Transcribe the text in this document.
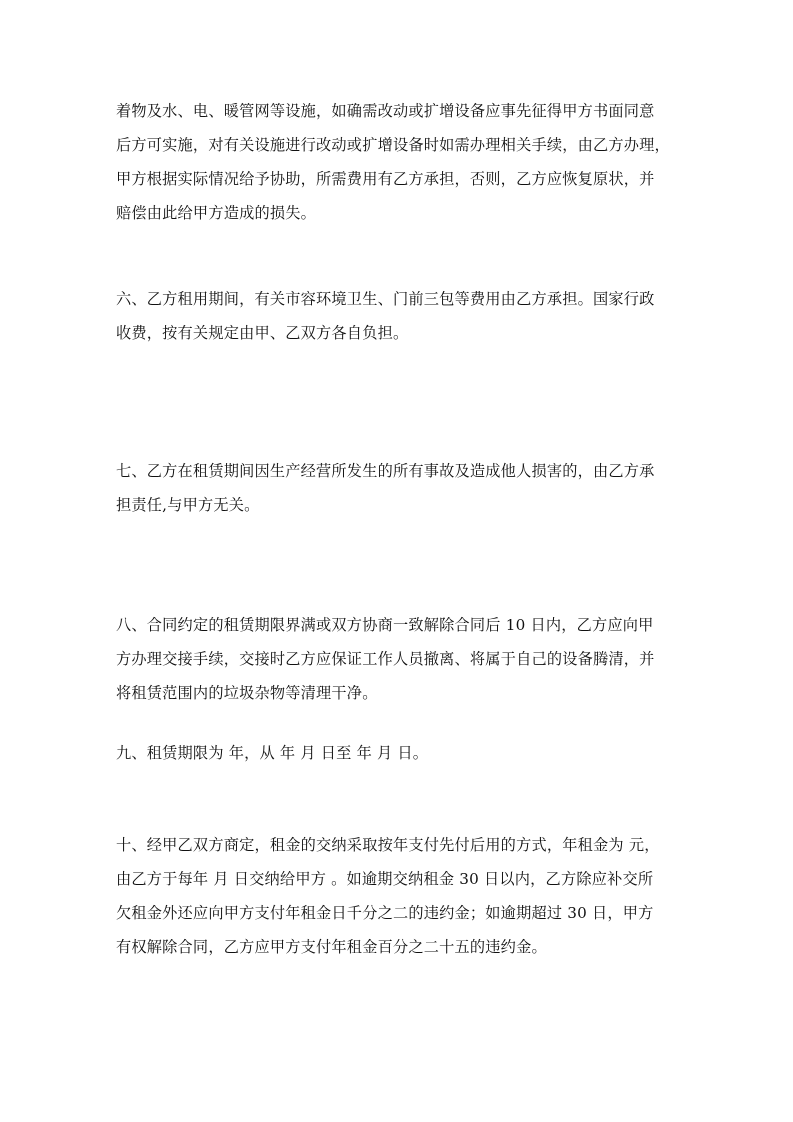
着物及水、电、暖管网等设施，如确需改动或扩增设备应事先征得甲方书面同意
后方可实施，对有关设施进行改动或扩增设备时如需办理相关手续，由乙方办理，
甲方根据实际情况给予协助，所需费用有乙方承担，否则，乙方应恢复原状，并
赔偿由此给甲方造成的损失。
六、乙方租用期间，有关市容环境卫生、门前三包等费用由乙方承担。国家行政
收费，按有关规定由甲、乙双方各自负担。
七、乙方在租赁期间因生产经营所发生的所有事故及造成他人损害的，由乙方承
担责任,与甲方无关。
八、合同约定的租赁期限界满或双方协商一致解除合同后 10 日内，乙方应向甲
方办理交接手续，交接时乙方应保证工作人员撤离、将属于自己的设备腾清，并
将租赁范围内的垃圾杂物等清理干净。
九、租赁期限为 年，从 年 月 日至 年 月 日。
十、经甲乙双方商定，租金的交纳采取按年支付先付后用的方式，年租金为 元，
由乙方于每年 月 日交纳给甲方 。如逾期交纳租金 30 日以内，乙方除应补交所
欠租金外还应向甲方支付年租金日千分之二的违约金；如逾期超过 30 日，甲方
有权解除合同，乙方应甲方支付年租金百分之二十五的违约金。
